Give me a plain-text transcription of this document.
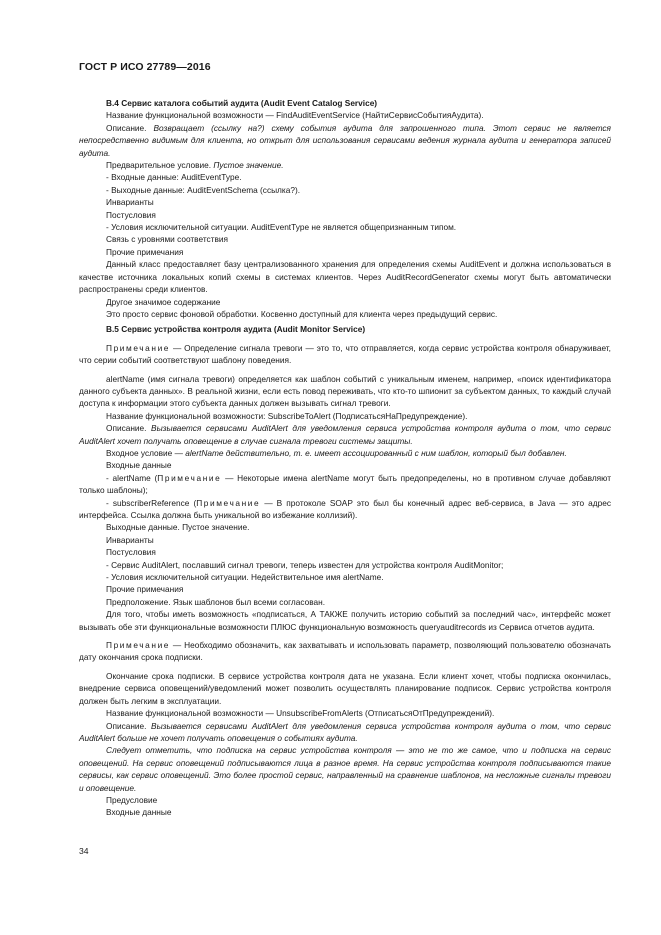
ГОСТ Р ИСО 27789—2016

B.4 Сервис каталога событий аудита (Audit Event Catalog Service)

Название функциональной возможности — FindAuditEventService (НайтиСервисСобытияАудита).

Описание. Возвращает (ссылку на?) схему события аудита для запрошенного типа. Этот сервис не является непосредственно видимым для клиента, но открыт для использования сервисами ведения журнала аудита и генератора записей аудита.

Предварительное условие. Пустое значение.

- Входные данные: AuditEventType.

- Выходные данные: AuditEventSchema (ссылка?).

Инварианты

Постусловия

- Условия исключительной ситуации. AuditEventType не является общепризнанным типом.

Связь с уровнями соответствия

Прочие примечания

Данный класс предоставляет базу централизованного хранения для определения схемы AuditEvent и должна использоваться в качестве источника локальных копий схемы в системах клиентов. Через AuditRecordGenerator схемы могут быть автоматически распространены среди клиентов.

Другое значимое содержание

Это просто сервис фоновой обработки. Косвенно доступный для клиента через предыдущий сервис.

B.5 Сервис устройства контроля аудита (Audit Monitor Service)

Примечание — Определение сигнала тревоги — это то, что отправляется, когда сервис устройства контроля обнаруживает, что серии событий соответствуют шаблону поведения.

alertName (имя сигнала тревоги) определяется как шаблон событий с уникальным именем, например, «поиск идентификатора данного субъекта данных». В реальной жизни, если есть повод переживать, что кто-то шпионит за субъектом данных, то каждый случай доступа к информации этого субъекта данных должен вызывать сигнал тревоги.

Название функциональной возможности: SubscribeToAlert (ПодписатьсяНаПредупреждение).

Описание. Вызывается сервисами AuditAlert для уведомления сервиса устройства контроля аудита о том, что сервис AuditAlert хочет получать оповещение в случае сигнала тревоги системы защиты.

Входное условие — alertName действительно, т. е. имеет ассоциированный с ним шаблон, который был добавлен.

Входные данные

- alertName (Примечание — Некоторые имена alertName могут быть предопределены, но в противном случае добавляют только шаблоны);

- subscriberReference (Примечание — В протоколе SOAP это был бы конечный адрес веб-сервиса, в Java — это адрес интерфейса. Ссылка должна быть уникальной во избежание коллизий).

Выходные данные. Пустое значение.

Инварианты

Постусловия

- Сервис AuditAlert, пославший сигнал тревоги, теперь известен для устройства контроля AuditMonitor;

- Условия исключительной ситуации. Недействительное имя alertName.

Прочие примечания

Предположение. Язык шаблонов был всеми согласован.

Для того, чтобы иметь возможность «подписаться, А ТАКЖЕ получить историю событий за последний час», интерфейс может вызывать обе эти функциональные возможности ПЛЮС функциональную возможность queryauditrecords из Сервиса отчетов аудита.

Примечание — Необходимо обозначить, как захватывать и использовать параметр, позволяющий пользователю обозначать дату окончания срока подписки.

Окончание срока подписки. В сервисе устройства контроля дата не указана. Если клиент хочет, чтобы подписка окончилась, внедрение сервиса оповещений/уведомлений может позволить осуществлять планирование подписок. Сервис устройства контроля должен быть легким в эксплуатации.

Название функциональной возможности — UnsubscribeFromAlerts (ОтписатьсяОтПредупреждений).

Описание. Вызывается сервисами AuditAlert для уведомления сервиса устройства контроля аудита о том, что сервис AuditAlert больше не хочет получать оповещения о событиях аудита.

Следует отметить, что подписка на сервис устройства контроля — это не то же самое, что и подписка на сервис оповещений. На сервис оповещений подписываются лица в разное время. На сервис устройства контроля подписываются такие сервисы, как сервис оповещений. Это более простой сервис, направленный на сравнение шаблонов, на несложные сигналы тревоги и оповещение.

Предусловие

Входные данные

34
